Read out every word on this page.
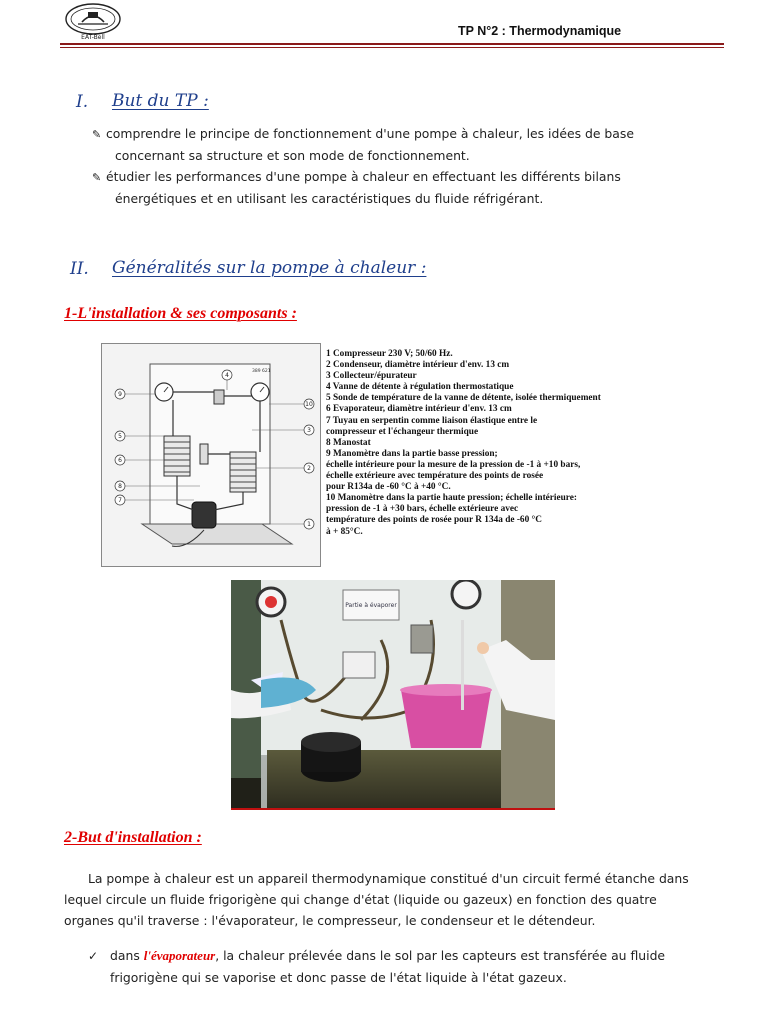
EAT-Bell	TP N°2 : Thermodynamique
I. But du TP :
✎ comprendre le principe de fonctionnement d'une pompe à chaleur, les idées de base
concernant sa structure et son mode de fonctionnement.
✎ étudier les performances d'une pompe à chaleur en effectuant les différents bilans
énergétiques et en utilisant les caractéristiques du fluide réfrigérant.
II. Généralités sur la pompe à chaleur :
1-L'installation & ses composants :
389 621
9
5
6
8
7
4
10
3
2
1
1 Compresseur 230 V; 50/60 Hz.
2 Condenseur, diamètre intérieur d'env. 13 cm
3 Collecteur/épurateur
4 Vanne de détente à régulation thermostatique
5 Sonde de température de la vanne de détente, isolée thermiquement
6 Evaporateur, diamètre intérieur d'env. 13 cm
7 Tuyau en serpentin comme liaison élastique entre le
compresseur et l'échangeur thermique
8 Manostat
9 Manomètre dans la partie basse pression;
échelle intérieure pour la mesure de la pression de -1 à +10 bars,
échelle extérieure avec température des points de rosée
pour R134a de -60 °C à +40 °C.
10 Manomètre dans la partie haute pression; échelle intérieure:
pression de -1 à +30 bars, échelle extérieure avec
température des points de rosée pour R 134a de -60 °C
à + 85°C.
Partie à évaporer
2-But d'installation :
La pompe à chaleur est un appareil thermodynamique constitué d'un circuit fermé étanche dans
lequel circule un fluide frigorigène qui change d'état (liquide ou gazeux) en fonction des quatre
organes qu'il traverse : l'évaporateur, le compresseur, le condenseur et le détendeur.
✓ dans l'évaporateur, la chaleur prélevée dans le sol par les capteurs est transférée au fluide
frigorigène qui se vaporise et donc passe de l'état liquide à l'état gazeux.
